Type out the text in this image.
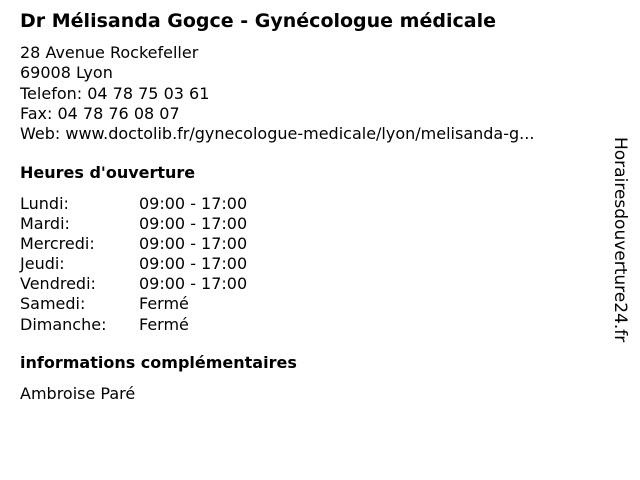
Dr Mélisanda Gogce - Gynécologue médicale
28 Avenue Rockefeller
69008 Lyon
Telefon: 04 78 75 03 61
Fax: 04 78 76 08 07
Web: www.doctolib.fr/gynecologue-medicale/lyon/melisanda-g...
Heures d'ouverture
Lundi:	09:00 - 17:00
Mardi:	09:00 - 17:00
Mercredi:	09:00 - 17:00
Jeudi:	09:00 - 17:00
Vendredi:	09:00 - 17:00
Samedi:	Fermé
Dimanche:	Fermé
informations complémentaires
Ambroise Paré
Horairesdouverture24.fr
